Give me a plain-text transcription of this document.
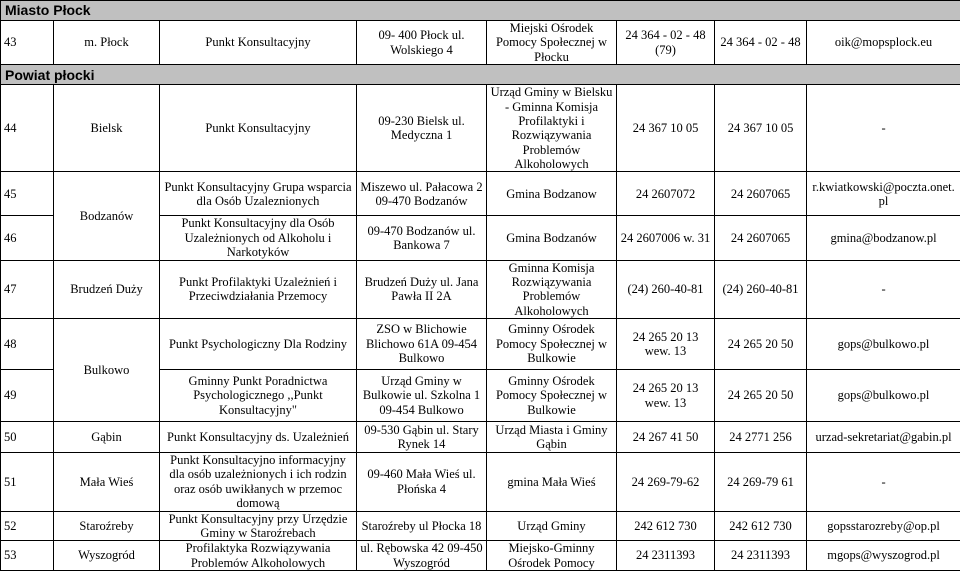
Miasto Płock							
43	m. Płock	Punkt Konsultacyjny	09- 400 Płock ul. Wolskiego 4	Miejski Ośrodek Pomocy Społecznej w Płocku	24 364 - 02 - 48 (79)	24 364 - 02 - 48	oik@mopsplock.eu
Powiat płocki							
44	Bielsk	Punkt Konsultacyjny	09-230 Bielsk ul. Medyczna 1	Urząd Gminy w Bielsku - Gminna Komisja Profilaktyki i Rozwiązywania Problemów Alkoholowych	24 367 10 05	24 367 10 05	-
45	Bodzanów	Punkt Konsultacyjny Grupa wsparcia dla Osób Uzaleznionych	Miszewo ul. Pałacowa 2 09-470 Bodzanów	Gmina Bodzanow	24 2607072	24 2607065	r.kwiatkowski@poczta.onet.pl
46		Punkt Konsultacyjny dla Osób Uzależnionych od Alkoholu i Narkotyków	09-470 Bodzanów ul. Bankowa 7	Gmina Bodzanów	24 2607006 w. 31	24 2607065	gmina@bodzanow.pl
47	Brudzeń Duży	Punkt Profilaktyki Uzależnień i Przeciwdziałania Przemocy	Brudzeń Duży ul. Jana Pawła II 2A	Gminna Komisja Rozwiązywania Problemów Alkoholowych	(24) 260-40-81	(24) 260-40-81	-
48	Bulkowo	Punkt Psychologiczny Dla Rodziny	ZSO w Blichowie Blichowo 61A 09-454 Bulkowo	Gminny Ośrodek Pomocy Społecznej w Bulkowie	24 265 20 13 wew. 13	24 265 20 50	gops@bulkowo.pl
49		Gminny Punkt Poradnictwa Psychologicznego ,,Punkt Konsultacyjny"	Urząd Gminy w Bulkowie ul. Szkolna 1 09-454 Bulkowo	Gminny Ośrodek Pomocy Społecznej w Bulkowie	24 265 20 13 wew. 13	24 265 20 50	gops@bulkowo.pl
50	Gąbin	Punkt Konsultacyjny ds. Uzależnień	09-530 Gąbin ul. Stary Rynek 14	Urząd Miasta i Gminy Gąbin	24 267 41 50	24 2771 256	urzad-sekretariat@gabin.pl
51	Mała Wieś	Punkt Konsultacyjno informacyjny dla osób uzależnionych i ich rodzin oraz osób uwikłanych w przemoc domową	09-460 Mała Wieś ul. Płońska 4	gmina Mała Wieś	24 269-79-62	24 269-79 61	-
52	Staroźreby	Punkt Konsultacyjny przy Urzędzie Gminy w Staroźrebach	Staroźreby ul Płocka 18	Urząd Gminy	242 612 730	242 612 730	gopsstarozreby@op.pl
53	Wyszogród	Profilaktyka Rozwiązywania Problemów Alkoholowych	ul. Rębowska 42 09-450 Wyszogród	Miejsko-Gminny Ośrodek Pomocy	24 2311393	24 2311393	mgops@wyszogrod.pl
